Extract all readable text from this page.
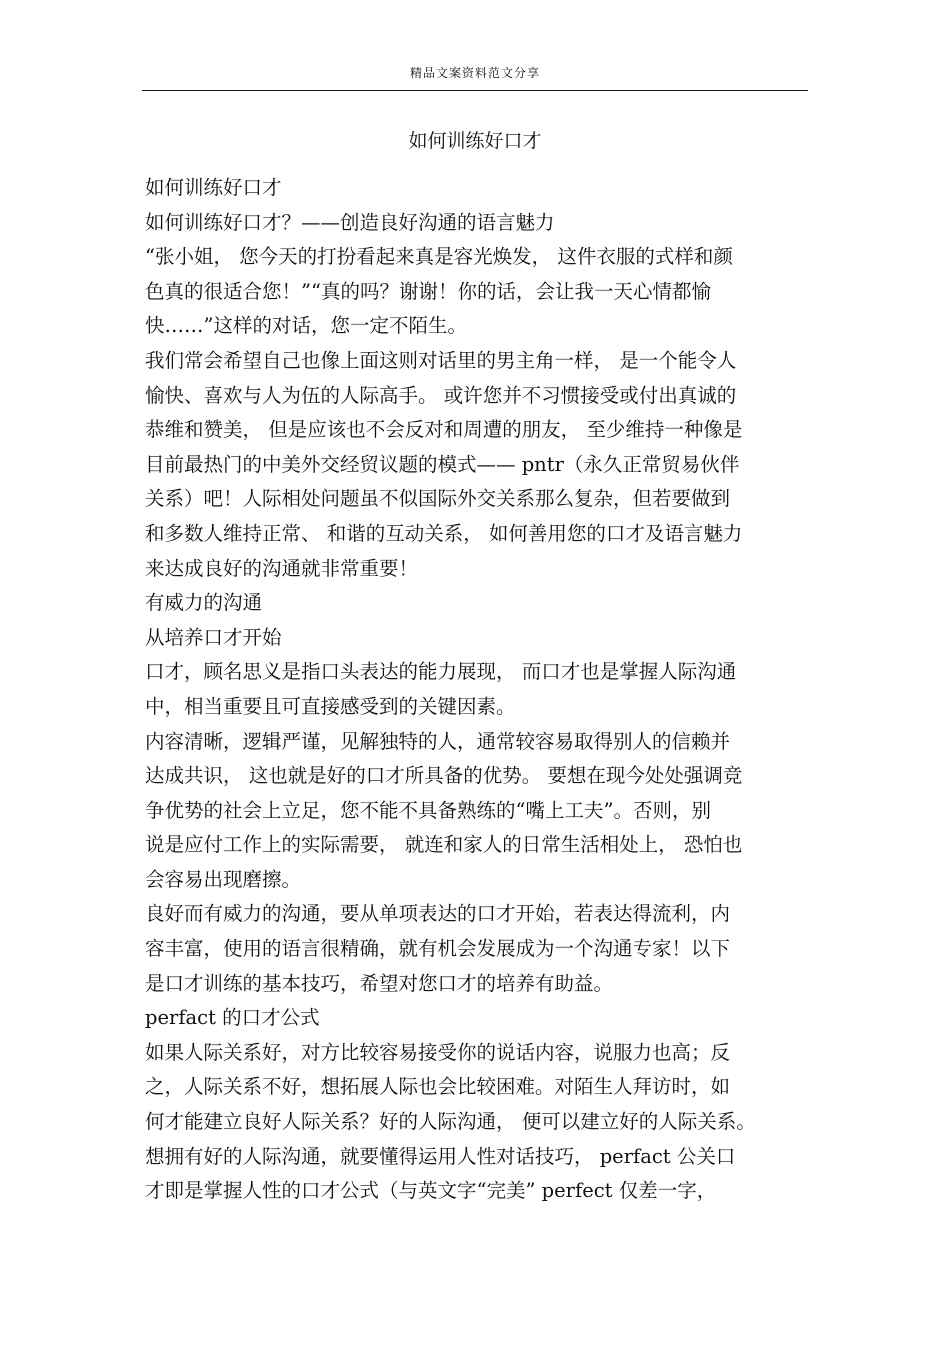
精品文案资料范文分享
如何训练好口才
如何训练好口才
如何训练好口才？——创造良好沟通的语言魅力
“张小姐， 您今天的打扮看起来真是容光焕发， 这件衣服的式样和颜
色真的很适合您！”“真的吗？谢谢！你的话，会让我一天心情都愉
快……”这样的对话，您一定不陌生。
我们常会希望自己也像上面这则对话里的男主角一样， 是一个能令人
愉快、喜欢与人为伍的人际高手。 或许您并不习惯接受或付出真诚的
恭维和赞美， 但是应该也不会反对和周遭的朋友， 至少维持一种像是
目前最热门的中美外交经贸议题的模式—— pntr（永久正常贸易伙伴
关系）吧！人际相处问题虽不似国际外交关系那么复杂，但若要做到
和多数人维持正常、 和谐的互动关系， 如何善用您的口才及语言魅力
来达成良好的沟通就非常重要！
有威力的沟通
从培养口才开始
口才，顾名思义是指口头表达的能力展现， 而口才也是掌握人际沟通
中，相当重要且可直接感受到的关键因素。
内容清晰，逻辑严谨，见解独特的人，通常较容易取得别人的信赖并
达成共识， 这也就是好的口才所具备的优势。 要想在现今处处强调竞
争优势的社会上立足，您不能不具备熟练的“嘴上工夫”。否则，别
说是应付工作上的实际需要， 就连和家人的日常生活相处上， 恐怕也
会容易出现磨擦。
良好而有威力的沟通，要从单项表达的口才开始，若表达得流利，内
容丰富，使用的语言很精确，就有机会发展成为一个沟通专家！以下
是口才训练的基本技巧，希望对您口才的培养有助益。
perfact 的口才公式
如果人际关系好，对方比较容易接受你的说话内容，说服力也高；反
之，人际关系不好，想拓展人际也会比较困难。对陌生人拜访时，如
何才能建立良好人际关系？好的人际沟通， 便可以建立好的人际关系。
想拥有好的人际沟通，就要懂得运用人性对话技巧， perfact 公关口
才即是掌握人性的口才公式（与英文字“完美” perfect 仅差一字，
